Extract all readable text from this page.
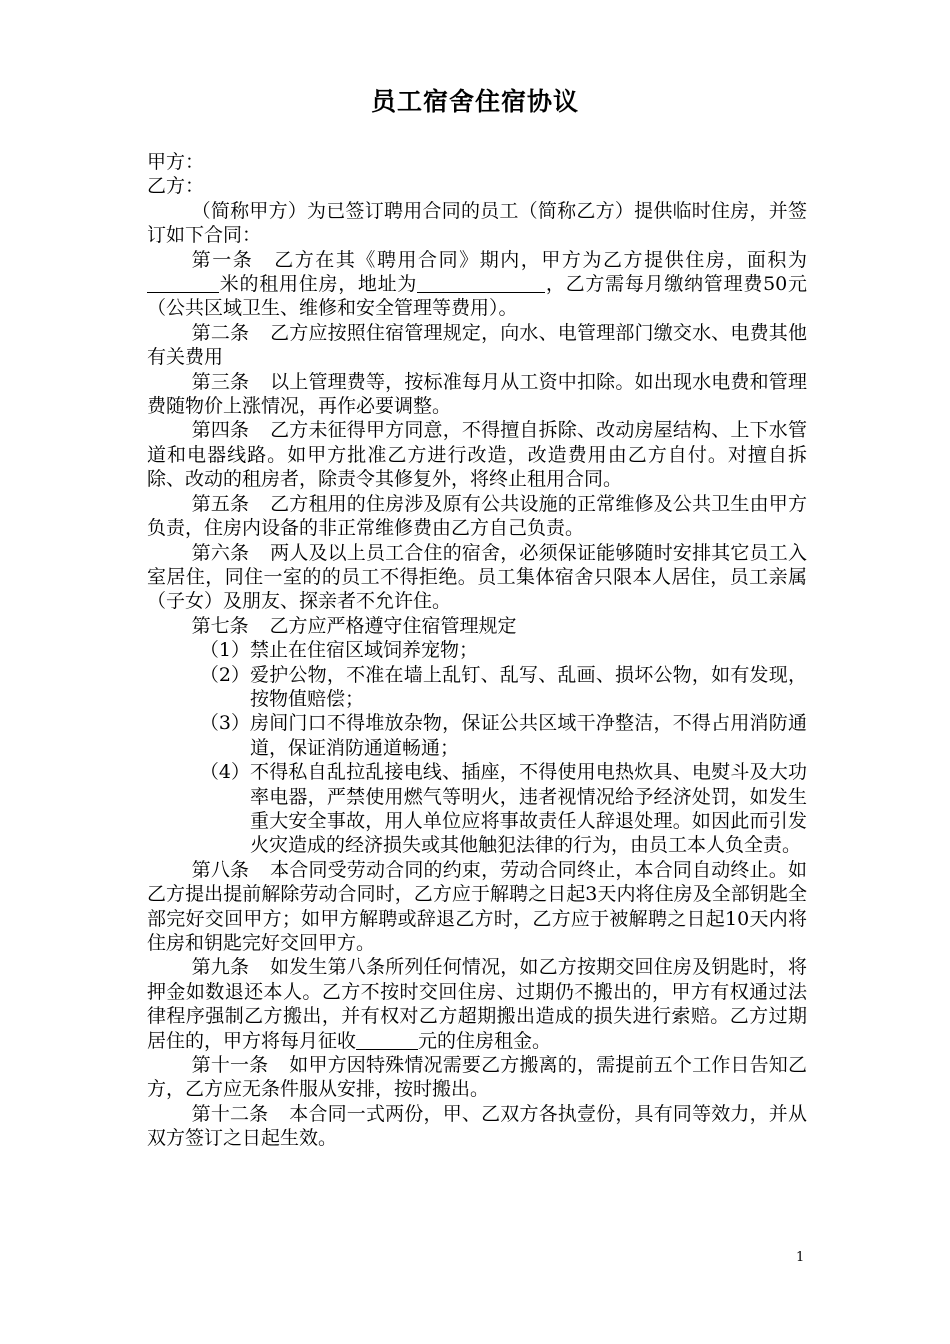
员工宿舍住宿协议

甲方：

乙方：

（简称甲方）为已签订聘用合同的员工（简称乙方）提供临时住房，并签订如下合同：

第一条 乙方在其《聘用合同》期内，甲方为乙方提供住房，面积为米的租用住房，地址为	，乙方需每月缴纳管理费50元（公共区域卫生、维修和安全管理等费用）。

第二条 乙方应按照住宿管理规定，向水、电管理部门缴交水、电费其他有关费用

第三条 以上管理费等，按标准每月从工资中扣除。如出现水电费和管理费随物价上涨情况，再作必要调整。

第四条 乙方未征得甲方同意，不得擅自拆除、改动房屋结构、上下水管道和电器线路。如甲方批准乙方进行改造，改造费用由乙方自付。对擅自拆除、改动的租房者，除责令其修复外，将终止租用合同。

第五条 乙方租用的住房涉及原有公共设施的正常维修及公共卫生由甲方负责，住房内设备的非正常维修费由乙方自己负责。

第六条 两人及以上员工合住的宿舍，必须保证能够随时安排其它员工入室居住，同住一室的的员工不得拒绝。员工集体宿舍只限本人居住，员工亲属（子女）及朋友、探亲者不允许住。

第七条 乙方应严格遵守住宿管理规定

（1） 禁止在住宿区域饲养宠物；
（2） 爱护公物，不准在墙上乱钉、乱写、乱画、损坏公物，如有发现，按物值赔偿；
（3） 房间门口不得堆放杂物，保证公共区域干净整洁，不得占用消防通道，保证消防通道畅通；
（4） 不得私自乱拉乱接电线、插座，不得使用电热炊具、电熨斗及大功率电器，严禁使用燃气等明火，违者视情况给予经济处罚，如发生重大安全事故，用人单位应将事故责任人辞退处理。如因此而引发火灾造成的经济损失或其他触犯法律的行为，由员工本人负全责。

第八条 本合同受劳动合同的约束，劳动合同终止，本合同自动终止。如乙方提出提前解除劳动合同时，乙方应于解聘之日起3天内将住房及全部钥匙全部完好交回甲方；如甲方解聘或辞退乙方时，乙方应于被解聘之日起10天内将住房和钥匙完好交回甲方。

第九条 如发生第八条所列任何情况，如乙方按期交回住房及钥匙时，将押金如数退还本人。乙方不按时交回住房、过期仍不搬出的，甲方有权通过法律程序强制乙方搬出，并有权对乙方超期搬出造成的损失进行索赔。乙方过期居住的，甲方将每月征收	元的住房租金。

第十一条 如甲方因特殊情况需要乙方搬离的，需提前五个工作日告知乙方，乙方应无条件服从安排，按时搬出。

第十二条 本合同一式两份，甲、乙双方各执壹份，具有同等效力，并从双方签订之日起生效。

1
